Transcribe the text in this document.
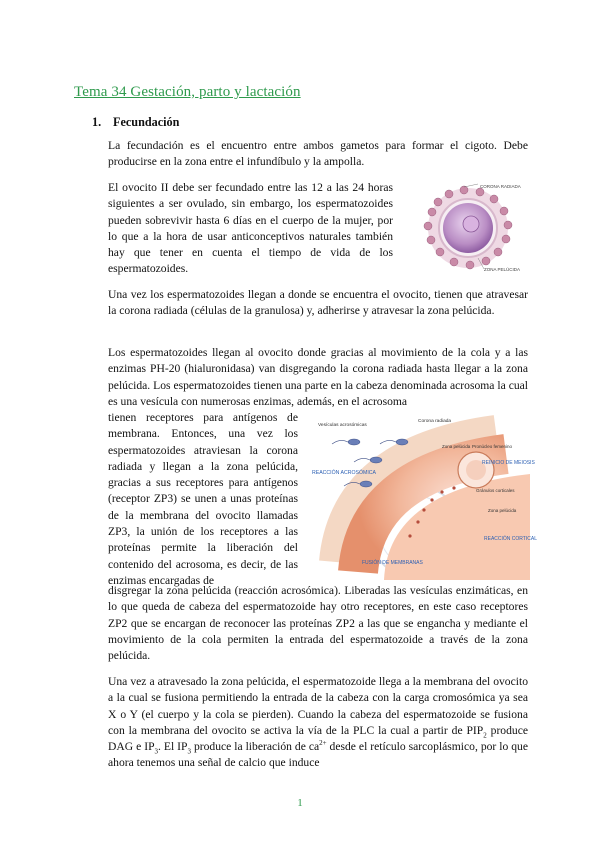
Tema 34 Gestación, parto y lactación
1. Fecundación

La fecundación es el encuentro entre ambos gametos para formar el cigoto. Debe producirse en la zona entre el infundíbulo y la ampolla.

El ovocito II debe ser fecundado entre las 12 a las 24 horas siguientes a ser ovulado, sin embargo, los espermatozoides pueden sobrevivir hasta 6 días en el cuerpo de la mujer, por lo que a la hora de usar anticonceptivos naturales también hay que tener en cuenta el tiempo de vida de los espermatozoides.

CORONA RADIADA
ZONA PELÚCIDA

Una vez los espermatozoides llegan a donde se encuentra el ovocito, tienen que atravesar la corona radiada (células de la granulosa) y, adherirse y atravesar la zona pelúcida.

Los espermatozoides llegan al ovocito donde gracias al movimiento de la cola y a las enzimas PH-20 (hialuronidasa) van disgregando la corona radiada hasta llegar a la zona pelúcida. Los espermatozoides tienen una parte en la cabeza denominada acrosoma la cual es una vesícula con numerosas enzimas, además, en el acrosoma

tienen receptores para antígenos de membrana. Entonces, una vez los espermatozoides atraviesan la corona radiada y llegan a la zona pelúcida, gracias a sus receptores para antígenos (receptor ZP3) se unen a unas proteínas de la membrana del ovocito llamadas ZP3, la unión de los receptores a las proteínas permite la liberación del contenido del acrosoma, es decir, de las enzimas encargadas de

Vesículas acrosómicas
Corona radiada
Zona pelúcida Pronúcleo femenino
REINICIO DE MEIOSIS
Gránulos corticales
Zona pelúcida
REACCIÓN ACROSÓMICA
REACCIÓN CORTICAL
FUSIÓN DE MEMBRANAS

disgregar la zona pelúcida (reacción acrosómica). Liberadas las vesículas enzimáticas, en lo que queda de cabeza del espermatozoide hay otro receptores, en este caso receptores ZP2 que se encargan de reconocer las proteínas ZP2 a las que se engancha y mediante el movimiento de la cola permiten la entrada del espermatozoide a través de la zona pelúcida.

Una vez a atravesado la zona pelúcida, el espermatozoide llega a la membrana del ovocito a la cual se fusiona permitiendo la entrada de la cabeza con la carga cromosómica ya sea X o Y (el cuerpo y la cola se pierden). Cuando la cabeza del espermatozoide se fusiona con la membrana del ovocito se activa la vía de la PLC la cual a partir de $PIP_2$ produce DAG e $IP_3$. El $IP_3$ produce la liberación de $ca^{2+}$ desde el retículo sarcoplásmico, por lo que ahora tenemos una señal de calcio que induce

1
